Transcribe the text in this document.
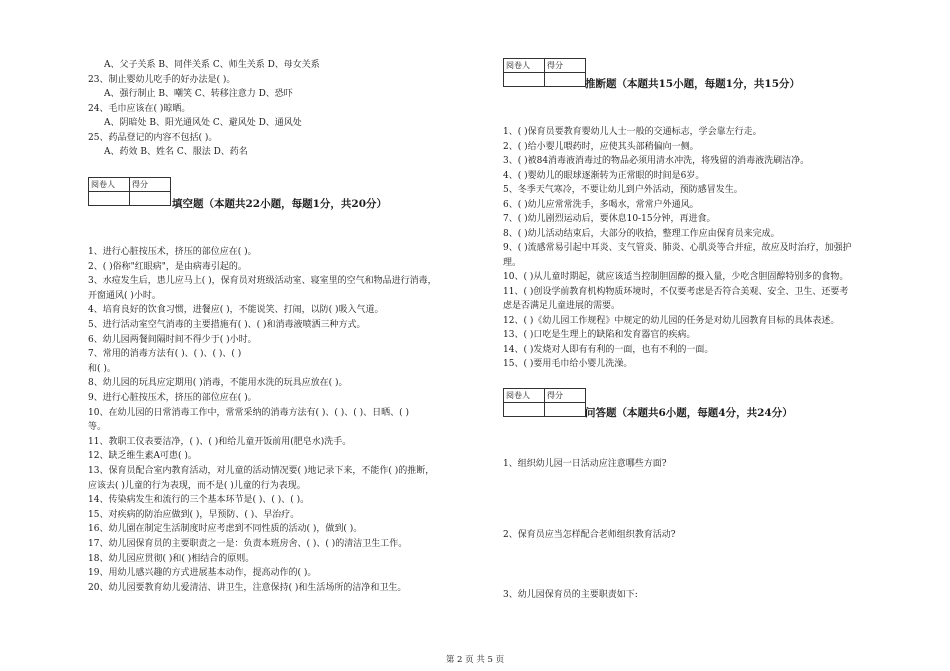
A、父子关系 B、同伴关系 C、师生关系 D、母女关系
23、制止婴幼儿吃手的好办法是( )。
A、强行制止 B、嘲笑 C、转移注意力 D、恐吓
24、毛巾应该在( )晾晒。
A、阴暗处 B、阳光通风处 C、避风处 D、通风处
25、药品登记的内容不包括( )。
A、药效 B、姓名 C、服法 D、药名
阅卷人	得分

填空题（本题共22小题，每题1分，共20分）
1、进行心脏按压术，挤压的部位应在( )。
2、( )俗称"红眼病"，是由病毒引起的。
3、水痘发生后，患儿应马上( )，保育员对班级活动室、寝室里的空气和物品进行消毒，
开窗通风( )小时。
4、培育良好的饮食习惯，进餐应( )，不能说笑、打闹，以防( )吸入气道。
5、进行活动室空气消毒的主要措施有( )、( )和消毒液喷洒三种方式。
6、幼儿园两餐间隔时间不得少于( )小时。
7、常用的消毒方法有( )、( )、( )、( )
和( )。
8、幼儿园的玩具应定期用( )消毒，不能用水洗的玩具应放在( )。
9、进行心脏按压术，挤压的部位应在( )。
10、在幼儿园的日常消毒工作中，常常采纳的消毒方法有( )、( )、( )、日晒、( )
等。
11、教职工仪表要洁净，( )、( )和给儿童开饭前用(肥皂水)洗手。
12、缺乏维生素A可患( )。
13、保育员配合室内教育活动，对儿童的活动情况要( )地记录下来，不能作( )的推断，
应该去( )儿童的行为表现，而不是( )儿童的行为表现。
14、传染病发生和流行的三个基本环节是( )、( )、( )。
15、对疾病的防治应做到( )，早预防、( )、早治疗。
16、幼儿園在制定生活制度时应考虑到不同性质的活动( )，做到( )。
17、幼儿园保育员的主要职责之一是：负责本班房舍、( )、( )的清洁卫生工作。
18、幼儿园应贯彻( )和( )相结合的原则。
19、用幼儿感兴趣的方式进展基本动作，提高动作的( )。
20、幼儿园要教育幼儿爱清洁、讲卫生，注意保持( )和生活场所的洁净和卫生。
阅卷人	得分

推断题（本题共15小题，每题1分，共15分）
1、( )保育员要教育婴幼儿人士一般的交通标志，学会靠左行走。
2、( )给小婴儿喂药时，应使其头部稍偏向一侧。
3、( )被84消毒液消毒过的物品必须用清水冲洗，将残留的消毒液洗刷洁净。
4、( )婴幼儿的眼球逐渐转为正常眼的时间是6岁。
5、冬季天气寒冷，不要让幼儿到户外活动，预防感冒发生。
6、( )幼儿应常常洗手，多喝水，常常户外通风。
7、( )幼儿剧烈运动后，要休息10-15分钟，再进食。
8、( )幼儿活动结束后，大部分的收拾，整理工作应由保育员来完成。
9、( )流感常易引起中耳炎、支气管炎、肺炎、心肌炎等合并症，故应及时治疗，加强护
理。
10、( )从儿童时期起，就应该适当控制胆固醇的摄入量，少吃含胆固醇特别多的食物。
11、( )创设学前教育机构物质环境时，不仅要考虑是否符合美观、安全、卫生、还要考
虑是否满足儿童进展的需要。
12、( )《幼儿园工作规程》中规定的幼儿园的任务是对幼儿园教育目标的具体表述。
13、( )口吃是生理上的缺陷和发育器官的疾病。
14、( )发烧对人即有有利的一面，也有不利的一面。
15、( )要用毛巾给小婴儿洗澡。
阅卷人	得分

问答题（本题共6小题，每题4分，共24分）
1、组织幼儿园一日活动应注意哪些方面?
2、保育员应当怎样配合老师组织教育活动?
3、幼儿园保育员的主要职责如下:
第 2 页 共 5 页
